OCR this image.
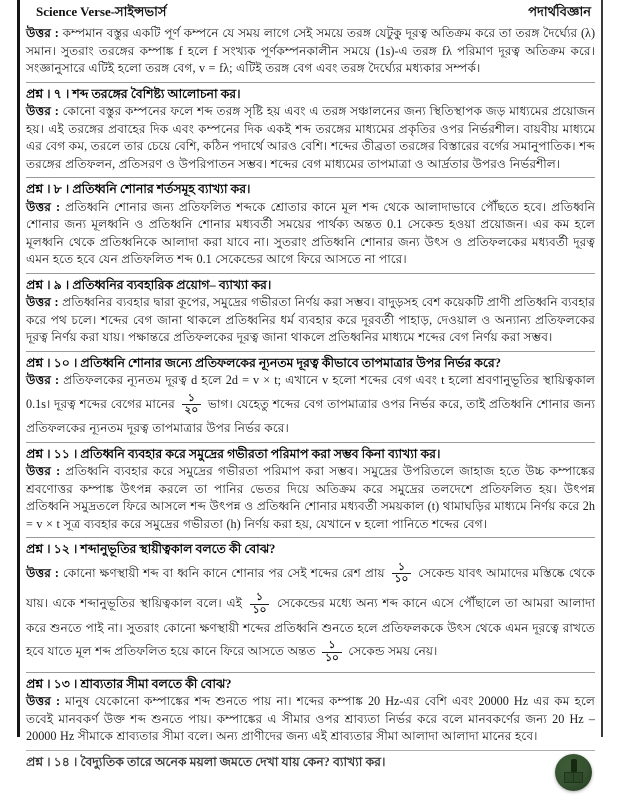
Science Verse-সাইন্সভার্স	পদার্থবিজ্ঞান

উত্তর : কম্পমান বস্তুর একটি পূর্ণ কম্পনে যে সময় লাগে সেই সময়ে তরঙ্গ যেটুকু দূরত্ব অতিক্রম করে তা তরঙ্গ দৈর্ঘ্যের (λ) সমান। সুতরাং তরঙ্গের কম্পাঙ্ক f হলে f সংখ্যক পূর্ণকম্পনকালীন সময়ে (1s)-এ তরঙ্গ fλ পরিমাণ দূরত্ব অতিক্রম করে। সংজ্ঞানুসারে এটিই হলো তরঙ্গ বেগ, v = fλ; এটিই তরঙ্গ বেগ এবং তরঙ্গ দৈর্ঘ্যের মধ্যকার সম্পর্ক।

প্রশ্ন । ৭ । শব্দ তরঙ্গের বৈশিষ্ট্য আলোচনা কর।

উত্তর : কোনো বস্তুর কম্পনের ফলে শব্দ তরঙ্গ সৃষ্টি হয় এবং এ তরঙ্গ সঞ্চালনের জন্য স্থিতিস্থাপক জড় মাধ্যমের প্রয়োজন হয়। এই তরঙ্গের প্রবাহের দিক এবং কম্পনের দিক একই শব্দ তরঙ্গের মাধ্যমের প্রকৃতির ওপর নির্ভরশীল। বায়বীয় মাধ্যমে এর বেগ কম, তরলে তার চেয়ে বেশি, কঠিন পদার্থে আরও বেশি। শব্দের তীব্রতা তরঙ্গের বিস্তারের বর্গের সমানুপাতিক। শব্দ তরঙ্গের প্রতিফলন, প্রতিসরণ ও উপরিপাতন সম্ভব। শব্দের বেগ মাধ্যমের তাপমাত্রা ও আর্দ্রতার উপরও নির্ভরশীল।

প্রশ্ন । ৮ । প্রতিধ্বনি শোনার শর্তসমূহ ব্যাখ্যা কর।

উত্তর : প্রতিধ্বনি শোনার জন্য প্রতিফলিত শব্দকে শ্রোতার কানে মূল শব্দ থেকে আলাদাভাবে পৌঁছতে হবে। প্রতিধ্বনি শোনার জন্য মূলধ্বনি ও প্রতিধ্বনি শোনার মধ্যবর্তী সময়ের পার্থক্য অন্তত 0.1 সেকেন্ড হওয়া প্রয়োজন। এর কম হলে মূলধ্বনি থেকে প্রতিধ্বনিকে আলাদা করা যাবে না। সুতরাং প্রতিধ্বনি শোনার জন্য উৎস ও প্রতিফলকের মধ্যবর্তী দূরত্ব এমন হতে হবে যেন প্রতিফলিত শব্দ 0.1 সেকেন্ডের আগে ফিরে আসতে না পারে।

প্রশ্ন । ৯ । প্রতিধ্বনির ব্যবহারিক প্রয়োগ– ব্যাখ্যা কর।

উত্তর : প্রতিধ্বনির ব্যবহার দ্বারা কূপের, সমুদ্রের গভীরতা নির্ণয় করা সম্ভব। বাদুড়সহ বেশ কয়েকটি প্রাণী প্রতিধ্বনি ব্যবহার করে পথ চলে। শব্দের বেগ জানা থাকলে প্রতিধ্বনির ধর্ম ব্যবহার করে দূরবর্তী পাহাড়, দেওয়াল ও অন্যান্য প্রতিফলকের দূরত্ব নির্ণয় করা যায়। পক্ষান্তরে প্রতিফলকের দূরত্ব জানা থাকলে প্রতিধ্বনির মাধ্যমে শব্দের বেগ নির্ণয় করা সম্ভব।

প্রশ্ন । ১০ । প্রতিধ্বনি শোনার জন্যে প্রতিফলকের ন্যূনতম দূরত্ব কীভাবে তাপমাত্রার উপর নির্ভর করে?

উত্তর : প্রতিফলকের ন্যূনতম দূরত্ব d হলে 2d = v × t; এখানে v হলো শব্দের বেগ এবং t হলো শ্রবণানুভূতির স্থায়িত্বকাল 0.1s। দূরত্ব শব্দের বেগের মানের $\frac{১}{২০}$ ভাগ। যেহেতু শব্দের বেগ তাপমাত্রার ওপর নির্ভর করে, তাই প্রতিধ্বনি শোনার জন্য প্রতিফলকের ন্যূনতম দূরত্ব তাপমাত্রার উপর নির্ভর করে।

প্রশ্ন । ১১ । প্রতিধ্বনি ব্যবহার করে সমুদ্রের গভীরতা পরিমাপ করা সম্ভব কিনা ব্যাখ্যা কর।

উত্তর : প্রতিধ্বনি ব্যবহার করে সমুদ্রের গভীরতা পরিমাপ করা সম্ভব। সমুদ্রের উপরিতলে জাহাজ হতে উচ্চ কম্পাঙ্কের শ্রবণোত্তর কম্পাঙ্ক উৎপন্ন করলে তা পানির ভেতর দিয়ে অতিক্রম করে সমুদ্রের তলদেশে প্রতিফলিত হয়। উৎপন্ন প্রতিধ্বনি সমুদ্রতলে ফিরে আসলে শব্দ উৎপন্ন ও প্রতিধ্বনি শোনার মধ্যবর্তী সময়কাল (t) থামাঘড়ির মাধ্যমে নির্ণয় করে 2h = v × t সূত্র ব্যবহার করে সমুদ্রের গভীরতা (h) নির্ণয় করা হয়, যেখানে v হলো পানিতে শব্দের বেগ।

প্রশ্ন । ১২ । শব্দানুভূতির স্থায়ীত্বকাল বলতে কী বোঝ?

উত্তর : কোনো ক্ষণস্থায়ী শব্দ বা ধ্বনি কানে শোনার পর সেই শব্দের রেশ প্রায় $\frac{১}{১০}$ সেকেন্ড যাবৎ আমাদের মস্তিষ্কে থেকে যায়। একে শব্দানুভূতির স্থায়িত্বকাল বলে। এই $\frac{১}{১০}$ সেকেন্ডের মধ্যে অন্য শব্দ কানে এসে পৌঁছালে তা আমরা আলাদা করে শুনতে পাই না। সুতরাং কোনো ক্ষণস্থায়ী শব্দের প্রতিধ্বনি শুনতে হলে প্রতিফলককে উৎস থেকে এমন দূরত্বে রাখতে হবে যাতে মূল শব্দ প্রতিফলিত হয়ে কানে ফিরে আসতে অন্তত $\frac{১}{১০}$ সেকেন্ড সময় নেয়।

প্রশ্ন । ১৩ । শ্রাব্যতার সীমা বলতে কী বোঝ?

উত্তর : মানুষ যেকোনো কম্পাঙ্কের শব্দ শুনতে পায় না। শব্দের কম্পাঙ্ক 20 Hz-এর বেশি এবং 20000 Hz এর কম হলে তবেই মানবকর্ণ উক্ত শব্দ শুনতে পায়। কম্পাঙ্কের এ সীমার ওপর শ্রাব্যতা নির্ভর করে বলে মানবকর্ণের জন্য 20 Hz – 20000 Hz সীমাকে শ্রাব্যতার সীমা বলে। অন্য প্রাণীদের জন্য এই শ্রাব্যতার সীমা আলাদা আলাদা মানের হবে।

প্রশ্ন । ১৪ । বৈদ্যুতিক তারে অনেক ময়লা জমতে দেখা যায় কেন? ব্যাখ্যা কর।
